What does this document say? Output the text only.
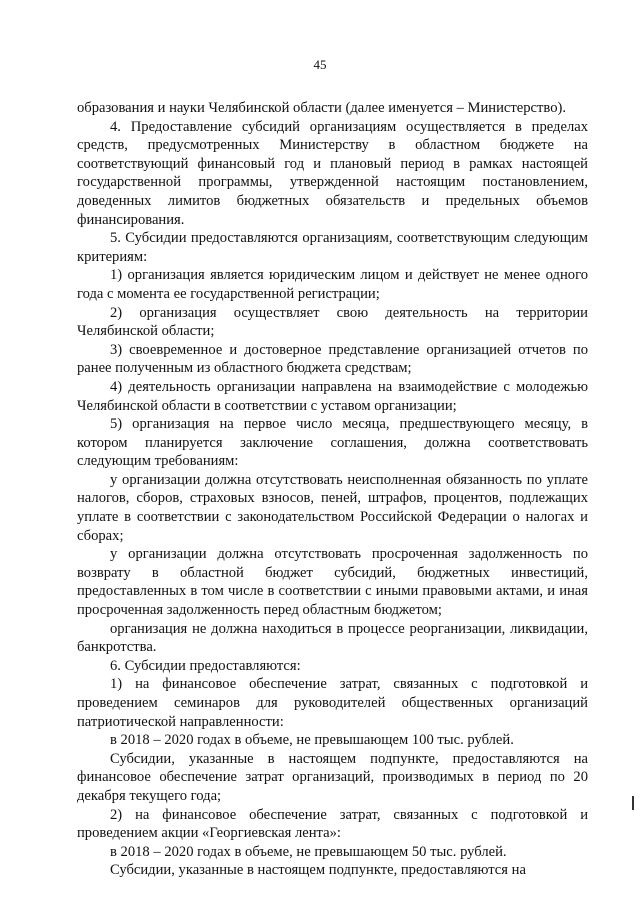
45

образования и науки Челябинской области (далее именуется – Министерство).

4. Предоставление субсидий организациям осуществляется в пределах средств, предусмотренных Министерству в областном бюджете на соответствующий финансовый год и плановый период в рамках настоящей государственной программы, утвержденной настоящим постановлением, доведенных лимитов бюджетных обязательств и предельных объемов финансирования.

5. Субсидии предоставляются организациям, соответствующим следующим критериям:

1) организация является юридическим лицом и действует не менее одного года с момента ее государственной регистрации;

2) организация осуществляет свою деятельность на территории Челябинской области;

3) своевременное и достоверное представление организацией отчетов по ранее полученным из областного бюджета средствам;

4) деятельность организации направлена на взаимодействие с молодежью Челябинской области в соответствии с уставом организации;

5) организация на первое число месяца, предшествующего месяцу, в котором планируется заключение соглашения, должна соответствовать следующим требованиям:

у организации должна отсутствовать неисполненная обязанность по уплате налогов, сборов, страховых взносов, пеней, штрафов, процентов, подлежащих уплате в соответствии с законодательством Российской Федерации о налогах и сборах;

у организации должна отсутствовать просроченная задолженность по возврату в областной бюджет субсидий, бюджетных инвестиций, предоставленных в том числе в соответствии с иными правовыми актами, и иная просроченная задолженность перед областным бюджетом;

организация не должна находиться в процессе реорганизации, ликвидации, банкротства.

6. Субсидии предоставляются:

1) на финансовое обеспечение затрат, связанных с подготовкой и проведением семинаров для руководителей общественных организаций патриотической направленности:

в 2018 – 2020 годах в объеме, не превышающем 100 тыс. рублей.

Субсидии, указанные в настоящем подпункте, предоставляются на финансовое обеспечение затрат организаций, производимых в период по 20 декабря текущего года;

2) на финансовое обеспечение затрат, связанных с подготовкой и проведением акции «Георгиевская лента»:

в 2018 – 2020 годах в объеме, не превышающем 50 тыс. рублей.

Субсидии, указанные в настоящем подпункте, предоставляются на
